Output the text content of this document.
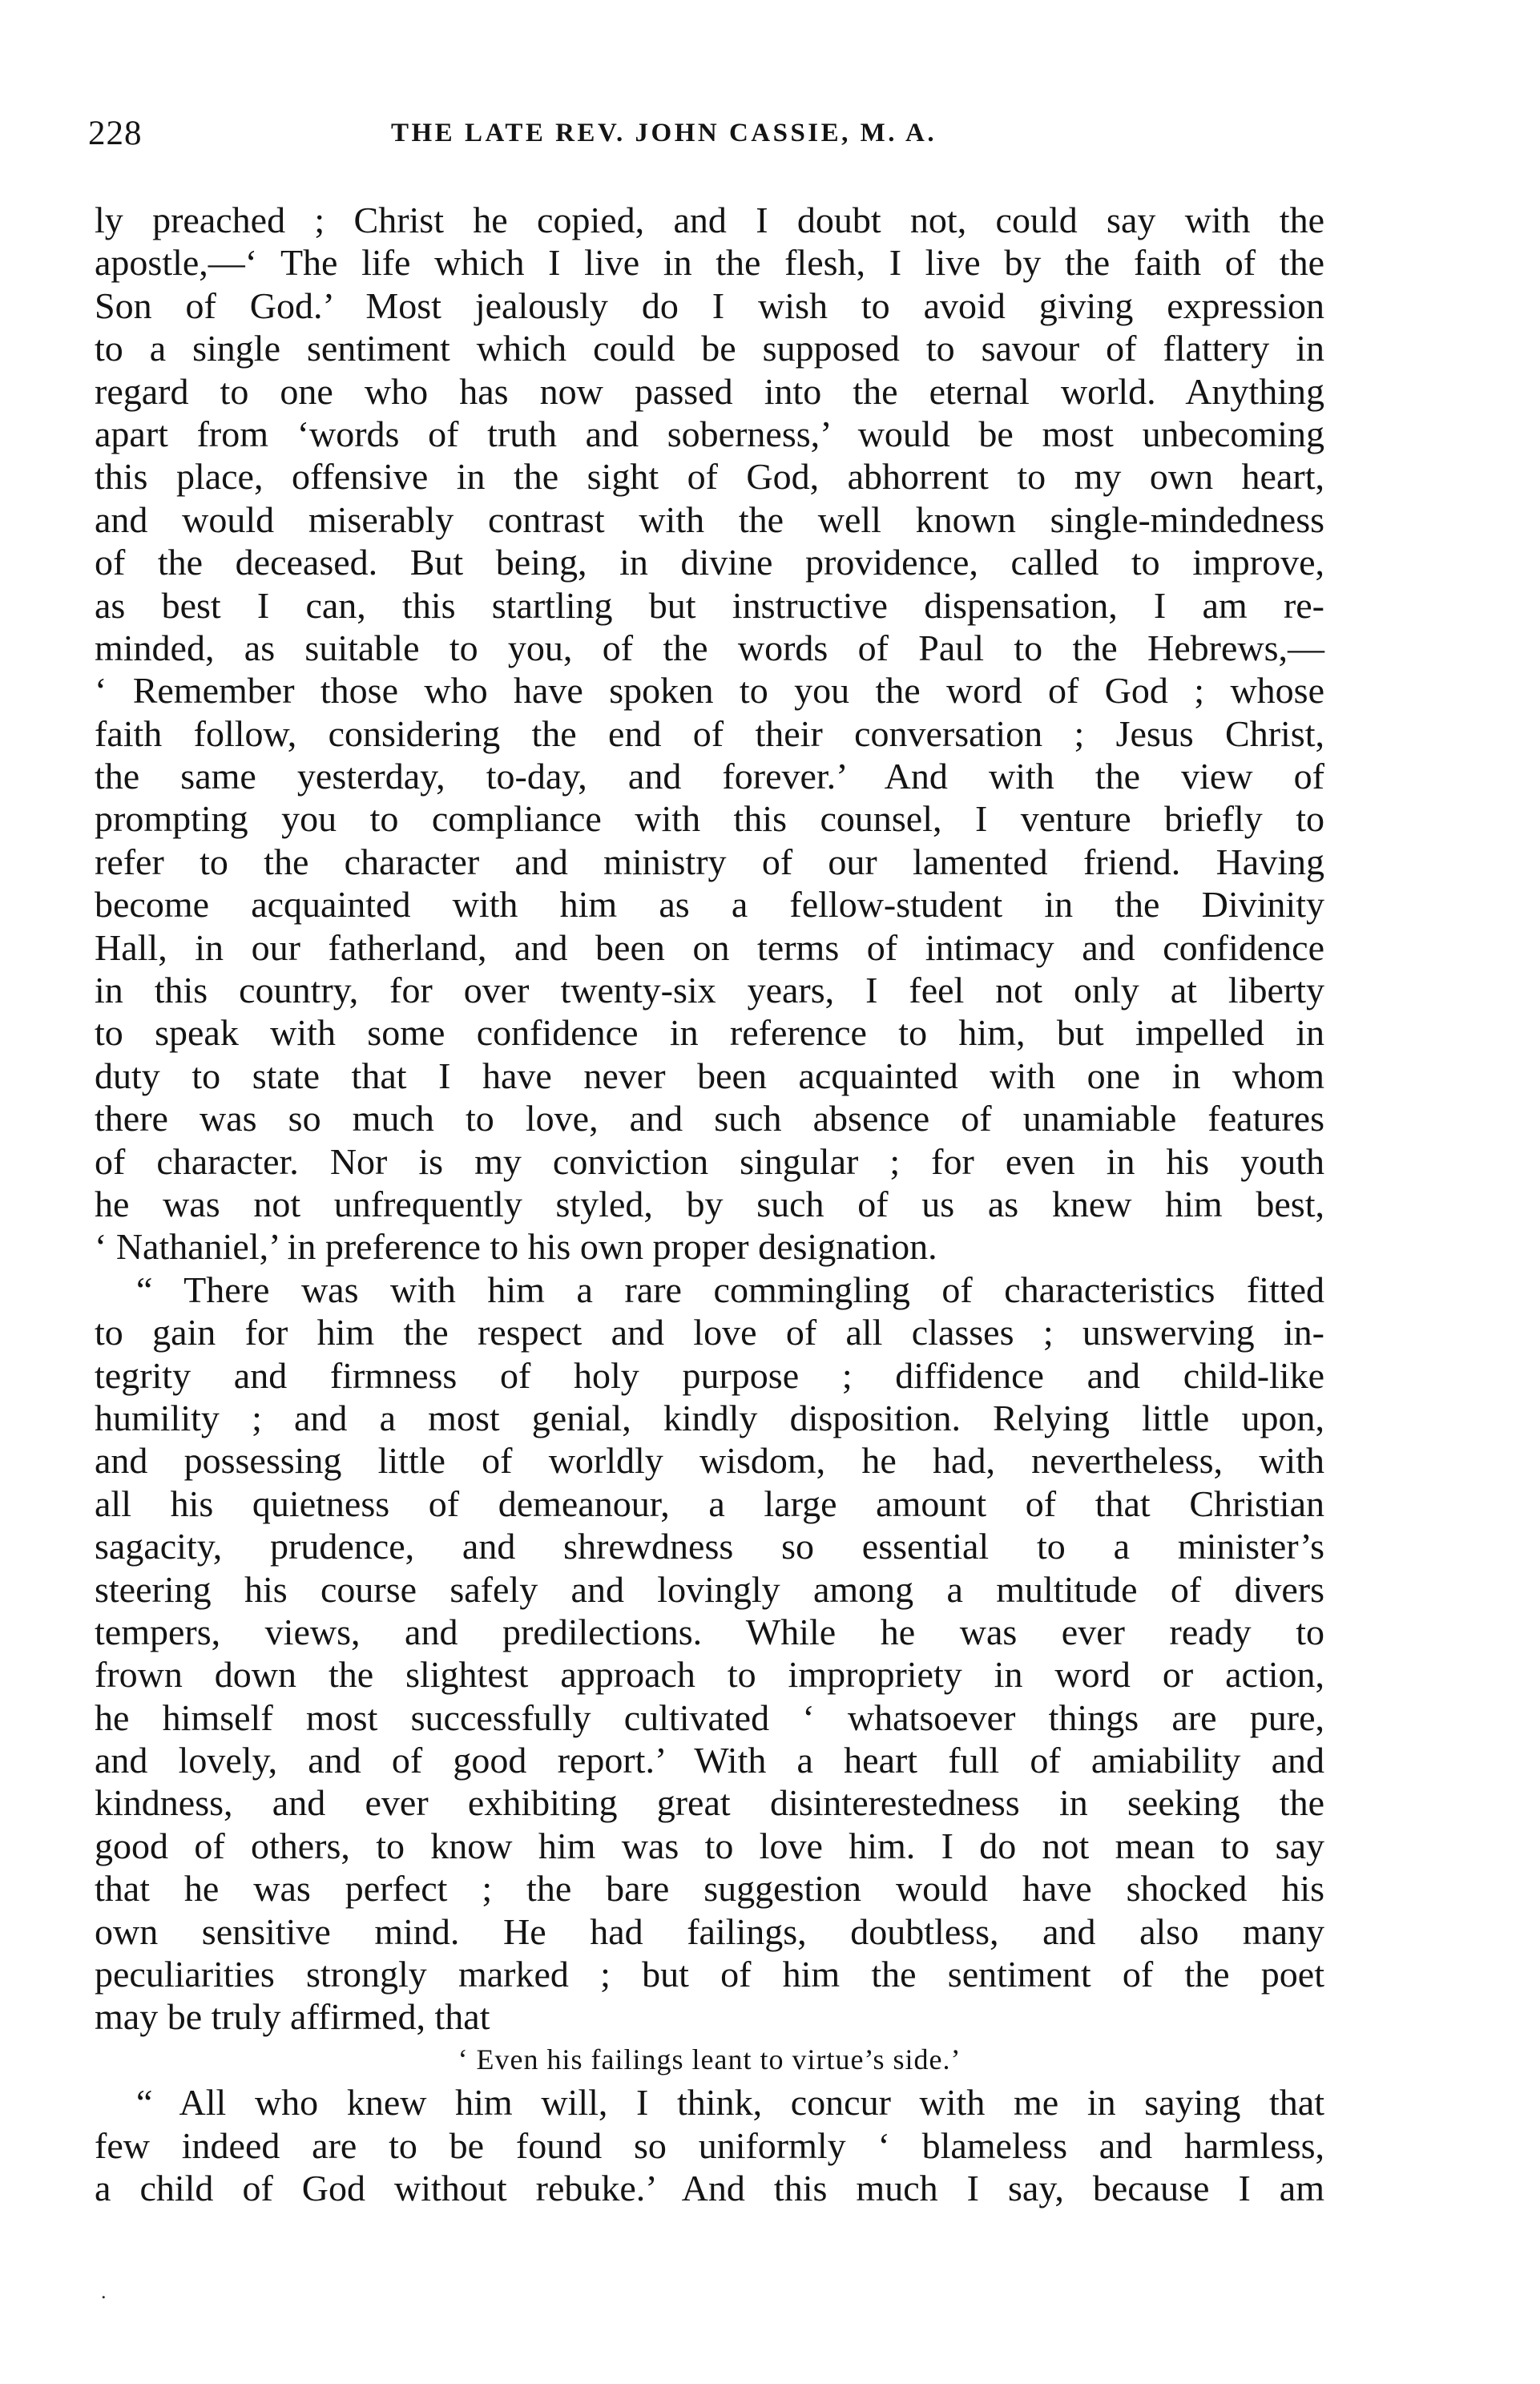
228	THE LATE REV. JOHN CASSIE, M. A.
ly preached ; Christ he copied, and I doubt not, could say with the
apostle,—‘ The life which I live in the flesh, I live by the faith of the
Son of God.’ Most jealously do I wish to avoid giving expression
to a single sentiment which could be supposed to savour of flattery in
regard to one who has now passed into the eternal world. Anything
apart from ‘words of truth and soberness,’ would be most unbecoming
this place, offensive in the sight of God, abhorrent to my own heart,
and would miserably contrast with the well known single-mindedness
of the deceased. But being, in divine providence, called to improve,
as best I can, this startling but instructive dispensation, I am re-
minded, as suitable to you, of the words of Paul to the Hebrews,—
‘ Remember those who have spoken to you the word of God ; whose
faith follow, considering the end of their conversation ; Jesus Christ,
the same yesterday, to-day, and forever.’ And with the view of
prompting you to compliance with this counsel, I venture briefly to
refer to the character and ministry of our lamented friend. Having
become acquainted with him as a fellow-student in the Divinity
Hall, in our fatherland, and been on terms of intimacy and confidence
in this country, for over twenty-six years, I feel not only at liberty
to speak with some confidence in reference to him, but impelled in
duty to state that I have never been acquainted with one in whom
there was so much to love, and such absence of unamiable features
of character. Nor is my conviction singular ; for even in his youth
he was not unfrequently styled, by such of us as knew him best,
‘ Nathaniel,’ in preference to his own proper designation.
“ There was with him a rare commingling of characteristics fitted
to gain for him the respect and love of all classes ; unswerving in-
tegrity and firmness of holy purpose ; diffidence and child-like
humility ; and a most genial, kindly disposition. Relying little upon,
and possessing little of worldly wisdom, he had, nevertheless, with
all his quietness of demeanour, a large amount of that Christian
sagacity, prudence, and shrewdness so essential to a minister’s
steering his course safely and lovingly among a multitude of divers
tempers, views, and predilections. While he was ever ready to
frown down the slightest approach to impropriety in word or action,
he himself most successfully cultivated ‘ whatsoever things are pure,
and lovely, and of good report.’ With a heart full of amiability and
kindness, and ever exhibiting great disinterestedness in seeking the
good of others, to know him was to love him. I do not mean to say
that he was perfect ; the bare suggestion would have shocked his
own sensitive mind. He had failings, doubtless, and also many
peculiarities strongly marked ; but of him the sentiment of the poet
may be truly affirmed, that
‘ Even his failings leant to virtue’s side.’
“ All who knew him will, I think, concur with me in saying that
few indeed are to be found so uniformly ‘ blameless and harmless,
a child of God without rebuke.’ And this much I say, because I am
.
